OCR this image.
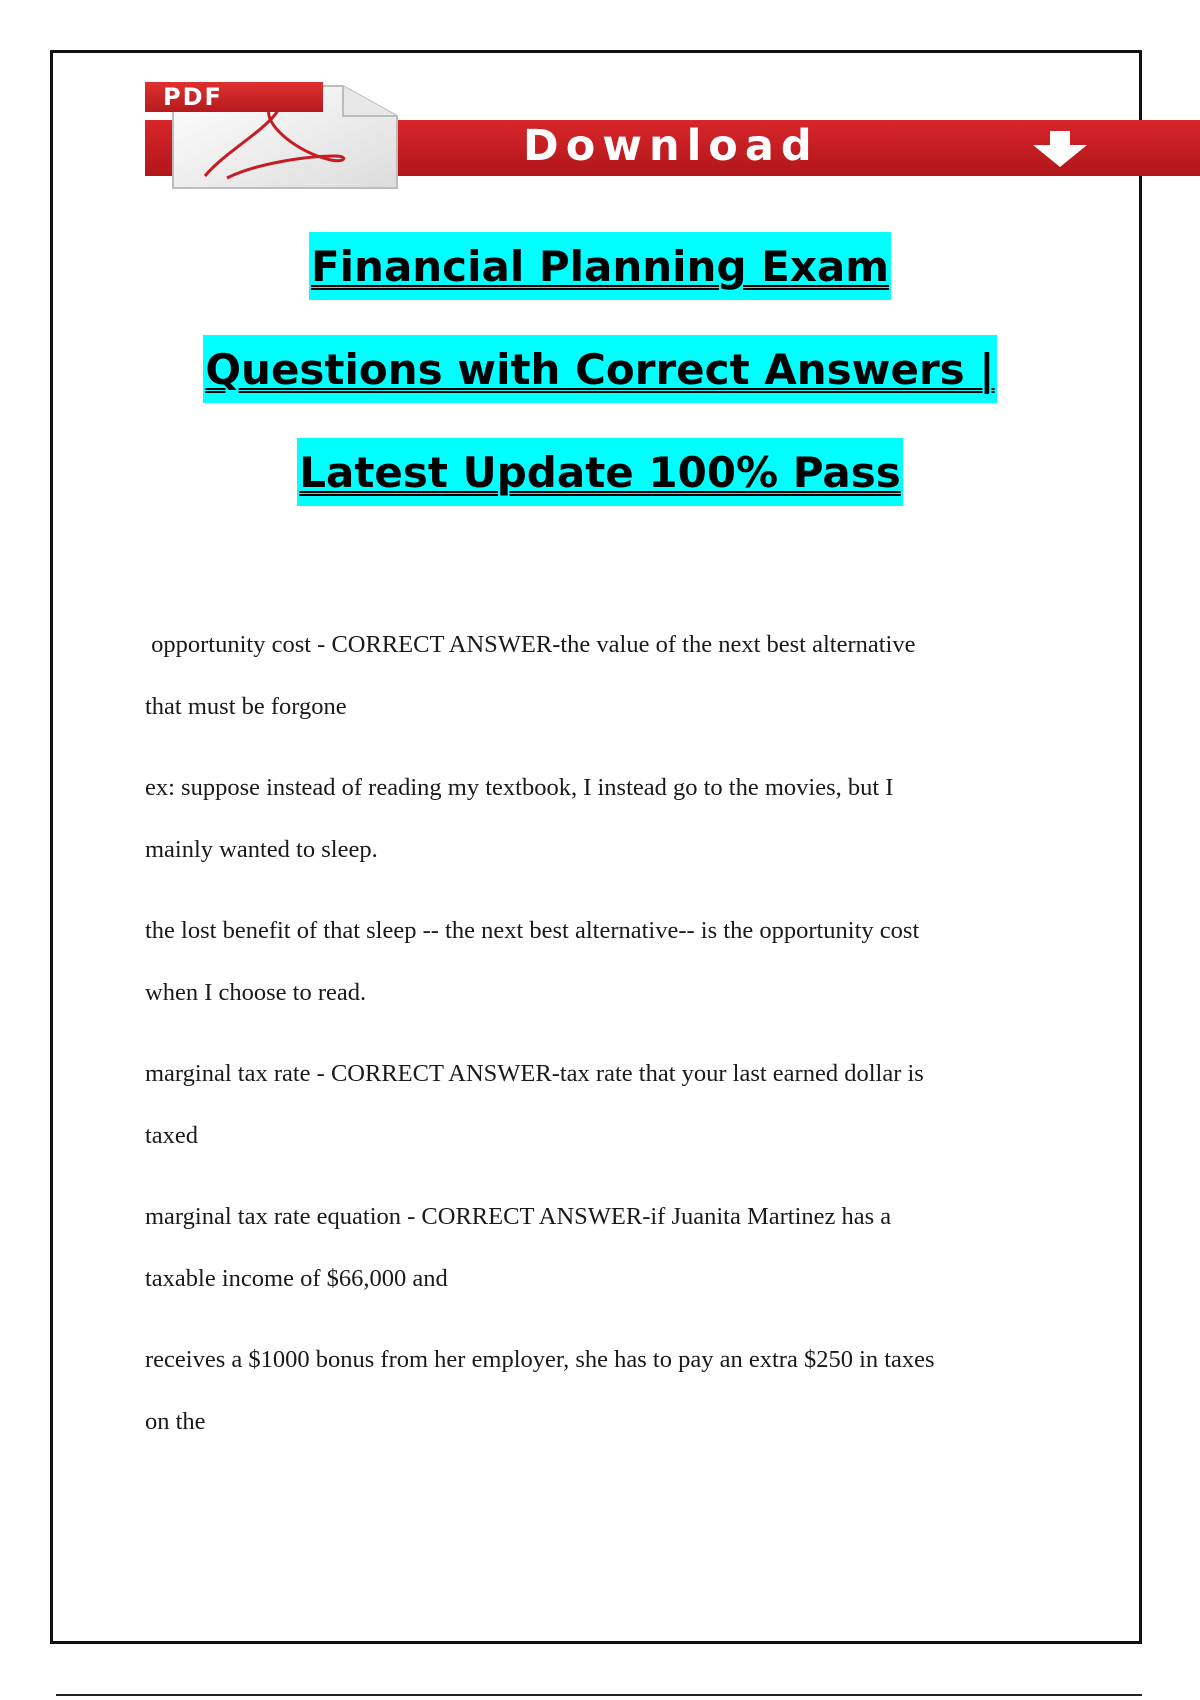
Download
PDF
Financial Planning Exam
Questions with Correct Answers |
Latest Update 100% Pass
opportunity cost - CORRECT ANSWER-the value of the next best alternative
that must be forgone
ex: suppose instead of reading my textbook, I instead go to the movies, but I
mainly wanted to sleep.
the lost benefit of that sleep -- the next best alternative-- is the opportunity cost
when I choose to read.
marginal tax rate - CORRECT ANSWER-tax rate that your last earned dollar is
taxed
marginal tax rate equation - CORRECT ANSWER-if Juanita Martinez has a
taxable income of $66,000 and
receives a $1000 bonus from her employer, she has to pay an extra $250 in taxes
on the
